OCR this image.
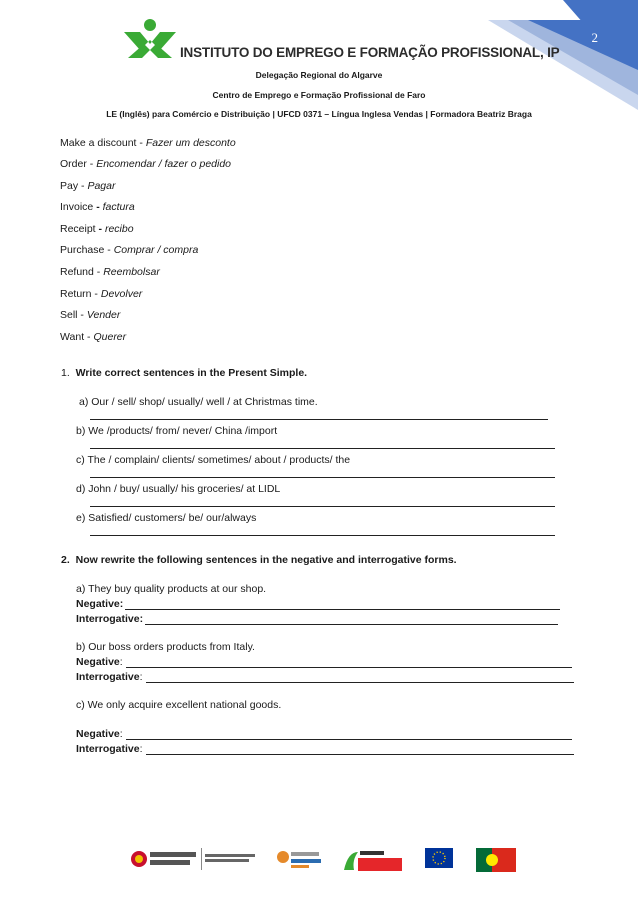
2
INSTITUTO DO EMPREGO E FORMAÇÃO PROFISSIONAL, IP
Delegação Regional do Algarve
Centro de Emprego e Formação Profissional de Faro
LE (Inglês) para Comércio e Distribuição | UFCD 0371 – Língua Inglesa Vendas | Formadora Beatriz Braga
Make a discount - Fazer um desconto
Order - Encomendar / fazer o pedido
Pay - Pagar
Invoice - factura
Receipt - recibo
Purchase - Comprar / compra
Refund - Reembolsar
Return - Devolver
Sell - Vender
Want - Querer
1. Write correct sentences in the Present Simple.
a) Our / sell/ shop/ usually/ well / at Christmas time.
b) We /products/ from/ never/ China /import
c) The / complain/ clients/ sometimes/ about / products/ the
d) John / buy/ usually/ his groceries/ at LIDL
e) Satisfied/ customers/ be/ our/always
2. Now rewrite the following sentences in the negative and interrogative forms.
a) They buy quality products at our shop.
Negative:
Interrogative:
b) Our boss orders products from Italy.
Negative:
Interrogative:
c) We only acquire excellent national goods.
Negative:
Interrogative:
